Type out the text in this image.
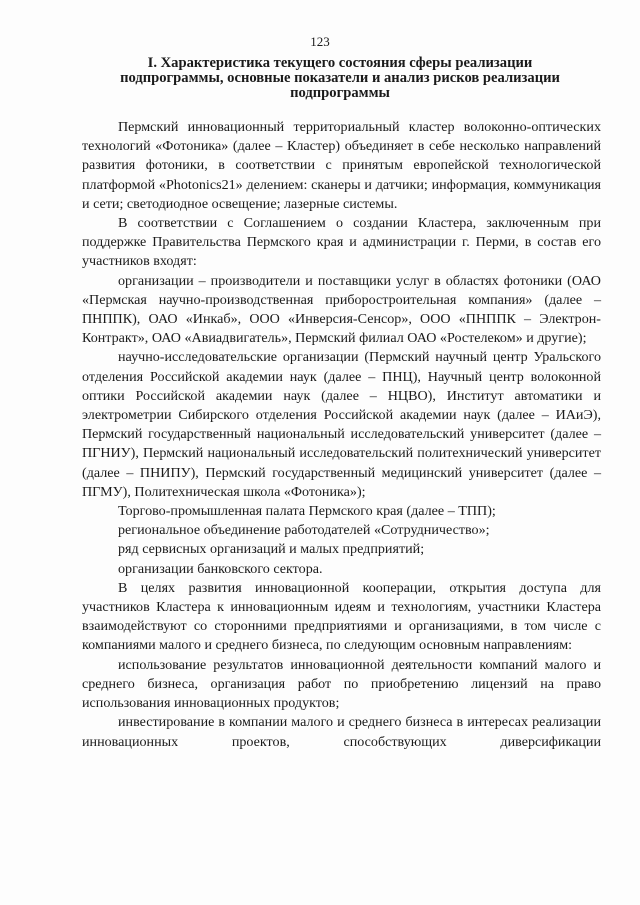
123
I. Характеристика текущего состояния сферы реализации подпрограммы, основные показатели и анализ рисков реализации подпрограммы

Пермский инновационный территориальный кластер волоконно-оптических технологий «Фотоника» (далее – Кластер) объединяет в себе несколько направлений развития фотоники, в соответствии с принятым европейской технологической платформой «Photonics21» делением: сканеры и датчики; информация, коммуникация и сети; светодиодное освещение; лазерные системы.

В соответствии с Соглашением о создании Кластера, заключенным при поддержке Правительства Пермского края и администрации г. Перми, в состав его участников входят:

организации – производители и поставщики услуг в областях фотоники (ОАО «Пермская научно-производственная приборостроительная компания» (далее – ПНППК), ОАО «Инкаб», ООО «Инверсия-Сенсор», ООО «ПНППК – Электрон-Контракт», ОАО «Авиадвигатель», Пермский филиал ОАО «Ростелеком» и другие);

научно-исследовательские организации (Пермский научный центр Уральского отделения Российской академии наук (далее – ПНЦ), Научный центр волоконной оптики Российской академии наук (далее – НЦВО), Институт автоматики и электрометрии Сибирского отделения Российской академии наук (далее – ИАиЭ), Пермский государственный национальный исследовательский университет (далее – ПГНИУ), Пермский национальный исследовательский политехнический университет (далее – ПНИПУ), Пермский государственный медицинский университет (далее – ПГМУ), Политехническая школа «Фотоника»);

Торгово-промышленная палата Пермского края (далее – ТПП);

региональное объединение работодателей «Сотрудничество»;

ряд сервисных организаций и малых предприятий;

организации банковского сектора.

В целях развития инновационной кооперации, открытия доступа для участников Кластера к инновационным идеям и технологиям, участники Кластера взаимодействуют со сторонними предприятиями и организациями, в том числе с компаниями малого и среднего бизнеса, по следующим основным направлениям:

использование результатов инновационной деятельности компаний малого и среднего бизнеса, организация работ по приобретению лицензий на право использования инновационных продуктов;

инвестирование в компании малого и среднего бизнеса в интересах реализации инновационных проектов, способствующих диверсификации
